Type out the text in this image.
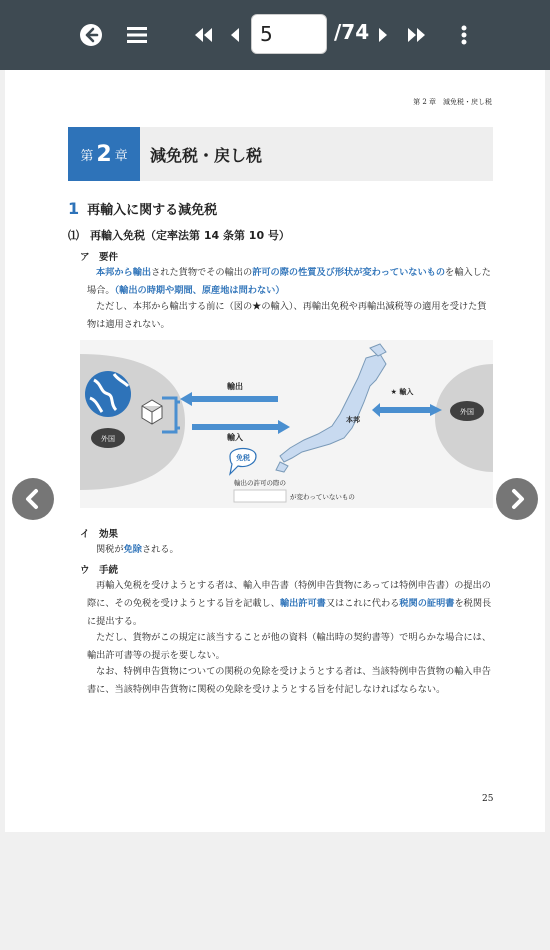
5
/74
第 2 章　減免税・戻し税
第 2 章 減免税・戻し税
1 再輸入に関する減免税
⑴　再輸入免税（定率法第 14 条第 10 号）
ア　要件
本邦から輸出された貨物でその輸出の許可の際の性質及び形状が変わっていないものを輸入した場合。（輸出の時期や期間、原産地は問わない）
ただし、本邦から輸出する前に（図の★の輸入）、再輸出免税や再輸出減税等の適用を受けた貨物は適用されない。
外国
輸出
輸入
本邦
★ 輸入
外国
免税
輸出の許可の際の
が変わっていないもの
イ　効果
関税が免除される。
ウ　手続
再輸入免税を受けようとする者は、輸入申告書（特例申告貨物にあっては特例申告書）の提出の際に、その免税を受けようとする旨を記載し、輸出許可書又はこれに代わる税関の証明書を税関長に提出する。
ただし、貨物がこの規定に該当することが他の資料（輸出時の契約書等）で明らかな場合には、輸出許可書等の提示を要しない。
なお、特例申告貨物についての関税の免除を受けようとする者は、当該特例申告貨物の輸入申告書に、当該特例申告貨物に関税の免除を受けようとする旨を付記しなければならない。
25
